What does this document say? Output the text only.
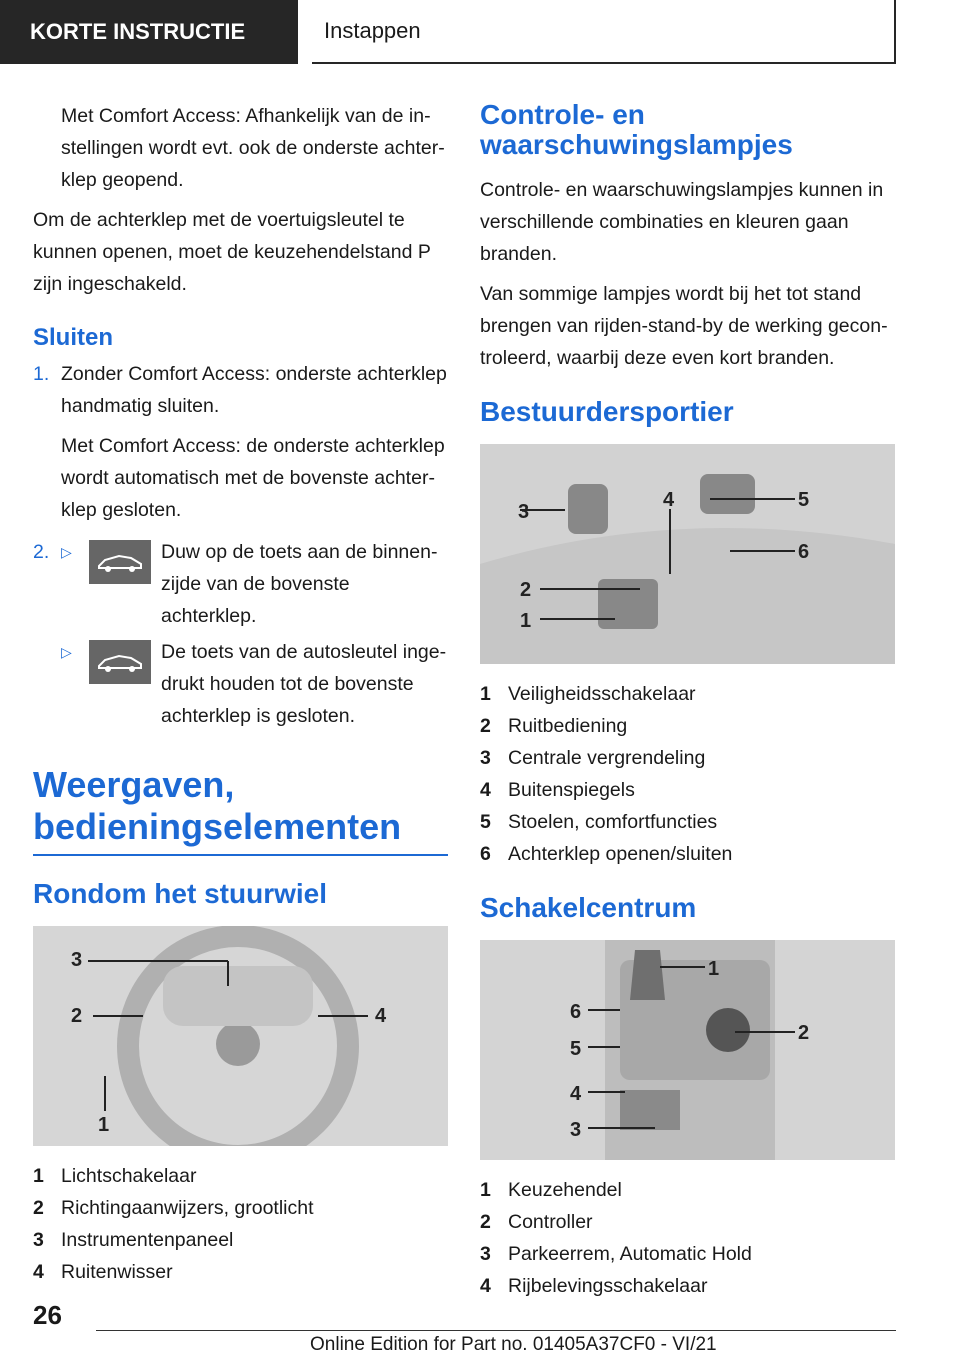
KORTE INSTRUCTIE	Instappen

Met Comfort Access: Afhankelijk van de instellingen wordt evt. ook de onderste achterklep geopend.

Om de achterklep met de voertuigsleutel te kunnen openen, moet de keuzehendelstand P zijn ingeschakeld.

Sluiten
1. Zonder Comfort Access: onderste achterklep handmatig sluiten.

Met Comfort Access: de onderste achterklep wordt automatisch met de bovenste achterklep gesloten.

2. ▷	Duw op de toets aan de binnenzijde van de bovenste achterklep.
▷	De toets van de autosleutel ingedrukt houden tot de bovenste achterklep is gesloten.
Weergaven, bedieningselementen
Rondom het stuurwiel
3
2	4
1
1 Lichtschakelaar
2 Richtingaanwijzers, grootlicht
3 Instrumentenpaneel
4 Ruitenwisser
Controle- en waarschuwingslampjes

Controle- en waarschuwingslampjes kunnen in verschillende combinaties en kleuren gaan branden.

Van sommige lampjes wordt bij het tot stand brengen van rijden-stand-by de werking gecontroleerd, waarbij deze even kort branden.

Bestuurdersportier
3
4	5
6
2
1
1 Veiligheidsschakelaar
2 Ruitbediening
3 Centrale vergrendeling
4 Buitenspiegels
5 Stoelen, comfortfuncties
6 Achterklep openen/sluiten
Schakelcentrum
1
2
6
5
4
3
1 Keuzehendel
2 Controller
3 Parkeerrem, Automatic Hold
4 Rijbelevingsschakelaar
26
Online Edition for Part no. 01405A37CF0 - VI/21
